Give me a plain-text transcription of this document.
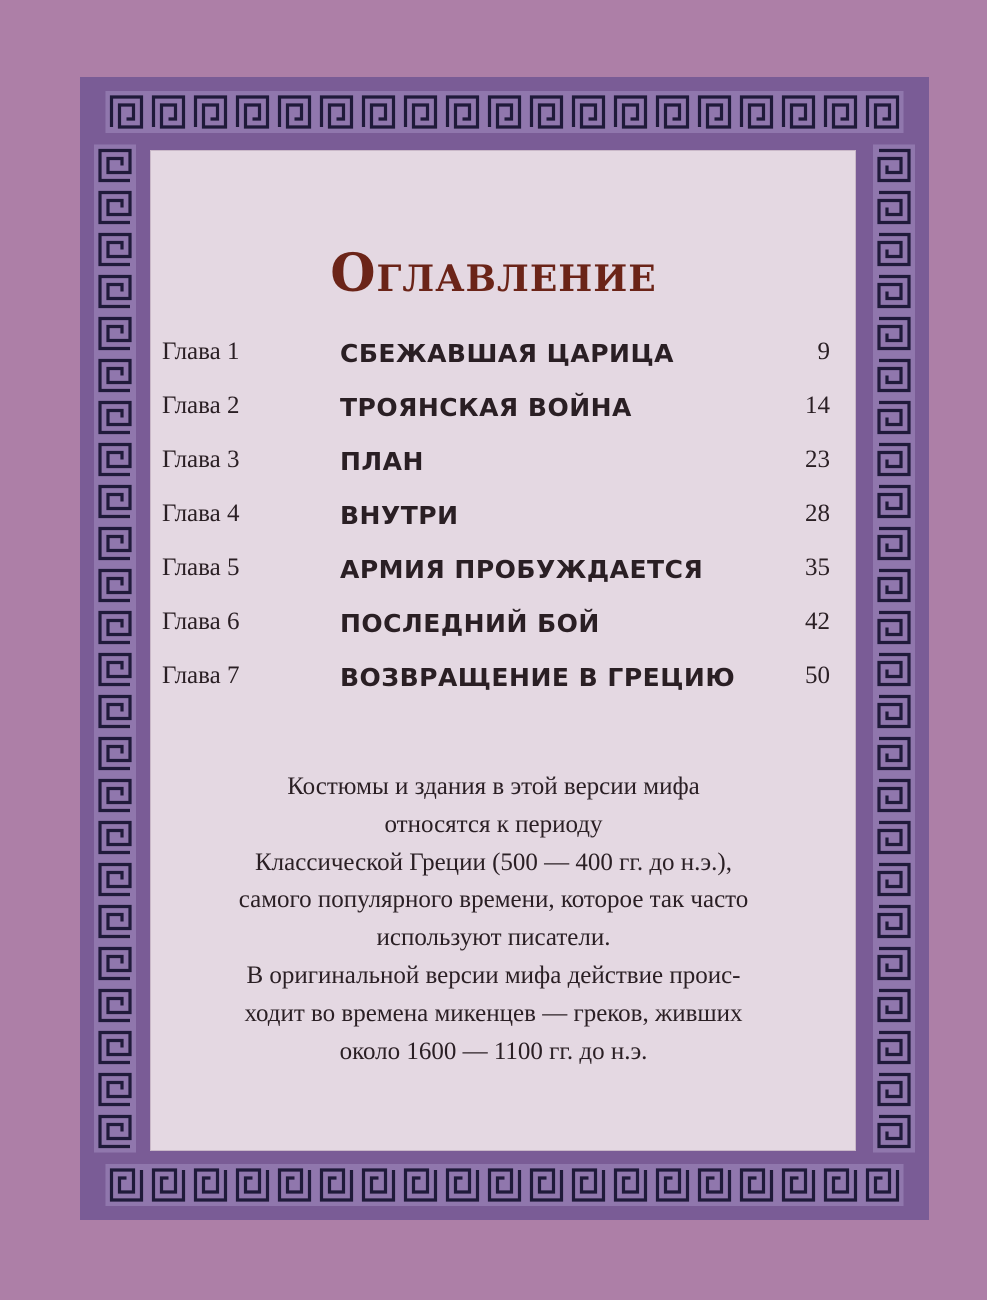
Оглавление
Глава 1	СБЕЖАВШАЯ ЦАРИЦА	9
Глава 2	ТРОЯНСКАЯ ВОЙНА	14
Глава 3	ПЛАН	23
Глава 4	ВНУТРИ	28
Глава 5	АРМИЯ ПРОБУЖДАЕТСЯ	35
Глава 6	ПОСЛЕДНИЙ БОЙ	42
Глава 7	ВОЗВРАЩЕНИЕ В ГРЕЦИЮ	50
Костюмы и здания в этой версии мифа
относятся к периоду
Классической Греции (500 — 400 гг. до н.э.),
самого популярного времени, которое так часто
используют писатели.
В оригинальной версии мифа действие проис-
ходит во времена микенцев — греков, живших
около 1600 — 1100 гг. до н.э.
